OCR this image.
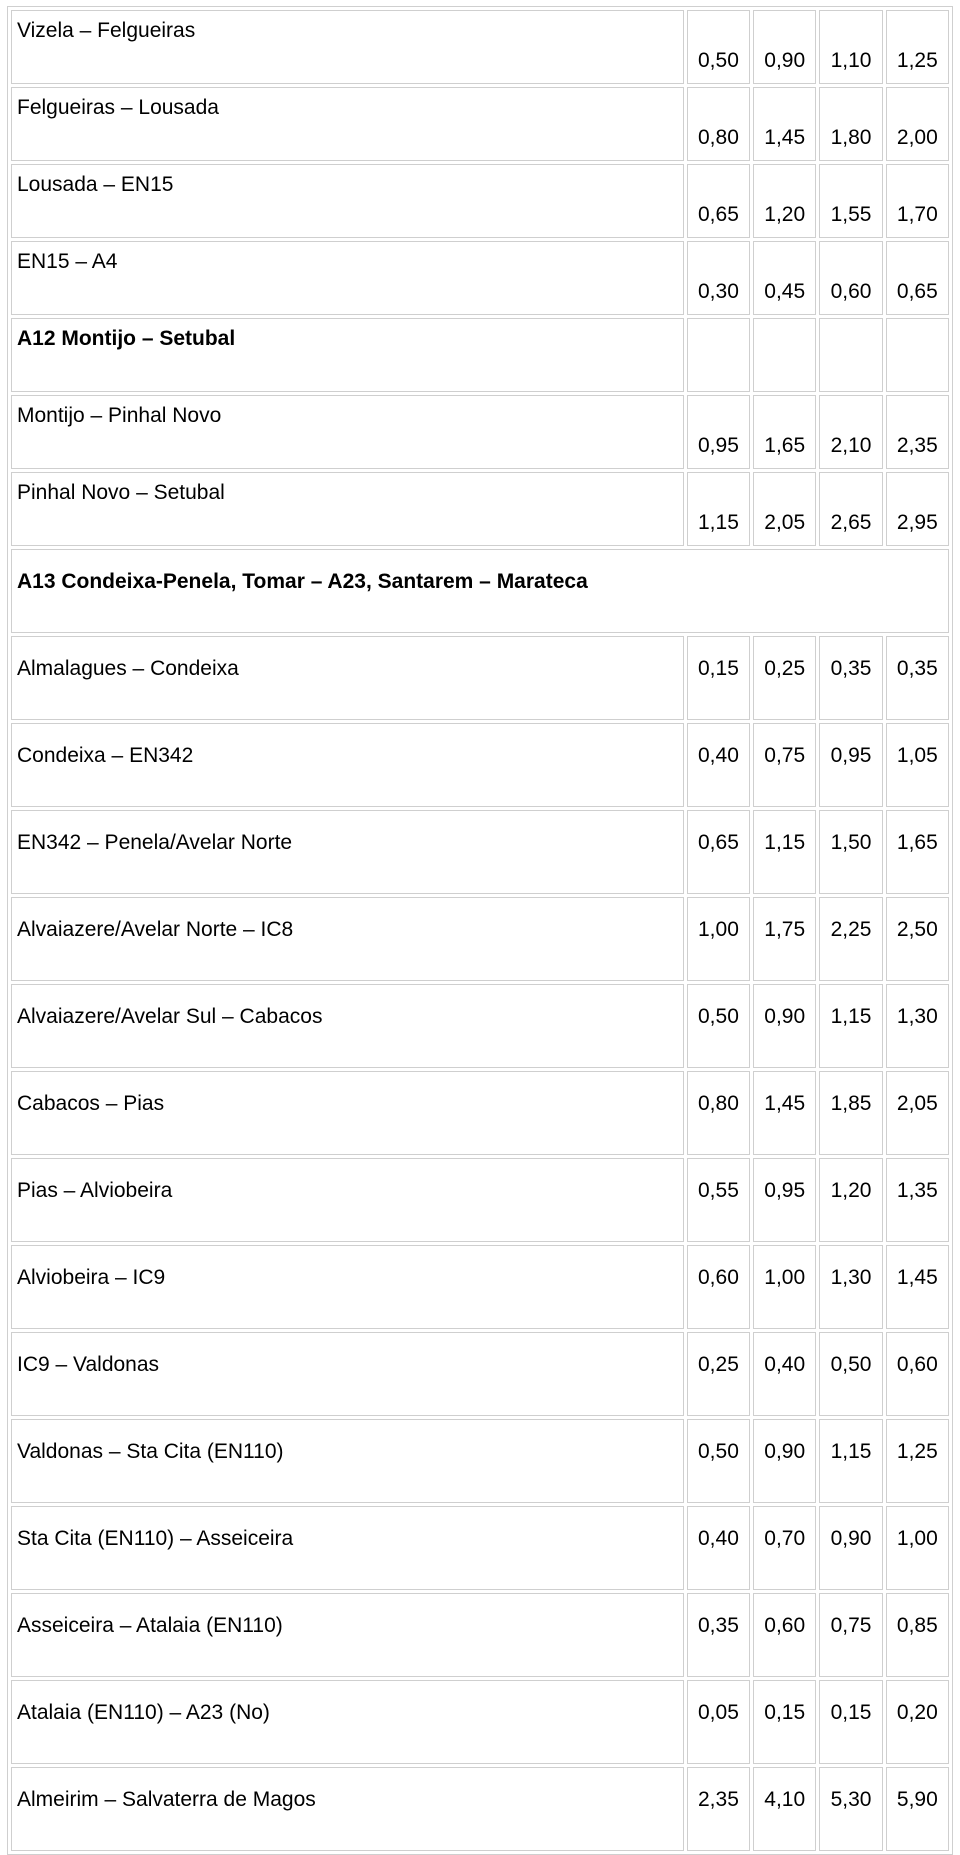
Vizela – Felgueiras	0,50	0,90	1,10	1,25
Felgueiras – Lousada	0,80	1,45	1,80	2,00
Lousada – EN15	0,65	1,20	1,55	1,70
EN15 – A4	0,30	0,45	0,60	0,65
A12 Montijo – Setubal				
Montijo – Pinhal Novo	0,95	1,65	2,10	2,35
Pinhal Novo – Setubal	1,15	2,05	2,65	2,95
A13 Condeixa-Penela, Tomar – A23, Santarem – Marateca				
Almalagues – Condeixa	0,15	0,25	0,35	0,35
Condeixa – EN342	0,40	0,75	0,95	1,05
EN342 – Penela/Avelar Norte	0,65	1,15	1,50	1,65
Alvaiazere/Avelar Norte – IC8	1,00	1,75	2,25	2,50
Alvaiazere/Avelar Sul – Cabacos	0,50	0,90	1,15	1,30
Cabacos – Pias	0,80	1,45	1,85	2,05
Pias – Alviobeira	0,55	0,95	1,20	1,35
Alviobeira – IC9	0,60	1,00	1,30	1,45
IC9 – Valdonas	0,25	0,40	0,50	0,60
Valdonas – Sta Cita (EN110)	0,50	0,90	1,15	1,25
Sta Cita (EN110) – Asseiceira	0,40	0,70	0,90	1,00
Asseiceira – Atalaia (EN110)	0,35	0,60	0,75	0,85
Atalaia (EN110) – A23 (No)	0,05	0,15	0,15	0,20
Almeirim – Salvaterra de Magos	2,35	4,10	5,30	5,90
